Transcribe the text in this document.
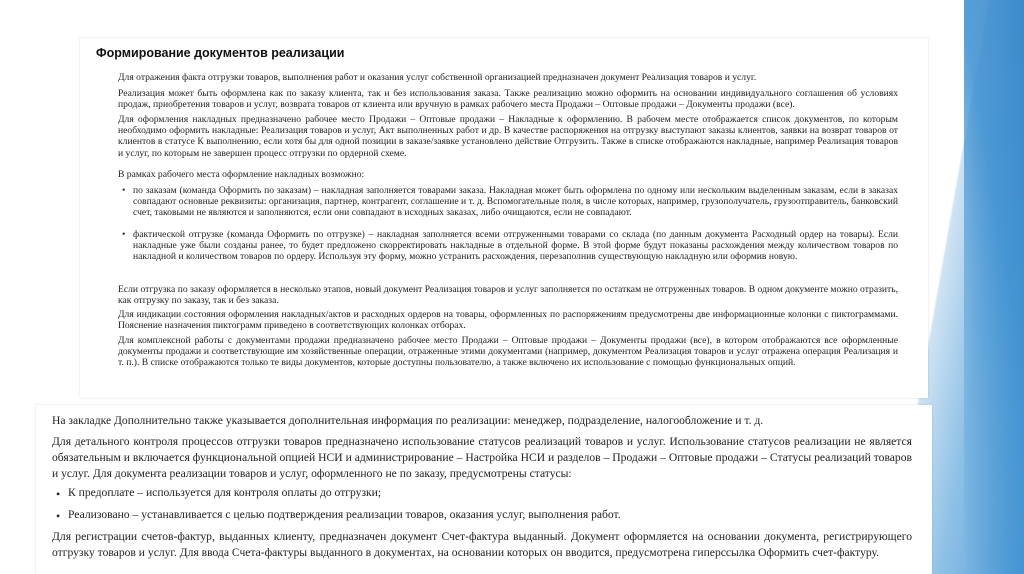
Формирование документов реализации
Для отражения факта отгрузки товаров, выполнения работ и оказания услуг собственной организацией предназначен документ Реализация товаров и услуг.
Реализация может быть оформлена как по заказу клиента, так и без использования заказа. Также реализацию можно оформить на основании индивидуального соглашения об условиях продаж, приобретения товаров и услуг, возврата товаров от клиента или вручную в рамках рабочего места Продажи – Оптовые продажи – Документы продажи (все).
Для оформления накладных предназначено рабочее место Продажи – Оптовые продажи – Накладные к оформлению. В рабочем месте отображается список документов, по которым необходимо оформить накладные: Реализация товаров и услуг, Акт выполненных работ и др. В качестве распоряжения на отгрузку выступают заказы клиентов, заявки на возврат товаров от клиентов в статусе К выполнению, если хотя бы для одной позиции в заказе/заявке установлено действие Отгрузить. Также в списке отображаются накладные, например Реализация товаров и услуг, по которым не завершен процесс отгрузки по ордерной схеме.
В рамках рабочего места оформление накладных возможно:
• по заказам (команда Оформить по заказам) – накладная заполняется товарами заказа. Накладная может быть оформлена по одному или нескольким выделенным заказам, если в заказах совпадают основные реквизиты: организация, партнер, контрагент, соглашение и т. д. Вспомогательные поля, в числе которых, например, грузополучатель, грузоотправитель, банковский счет, таковыми не являются и заполняются, если они совпадают в исходных заказах, либо очищаются, если не совпадают.
• фактической отгрузке (команда Оформить по отгрузке) – накладная заполняется всеми отгруженными товарами со склада (по данным документа Расходный ордер на товары). Если накладные уже были созданы ранее, то будет предложено скорректировать накладные в отдельной форме. В этой форме будут показаны расхождения между количеством товаров по накладной и количеством товаров по ордеру. Используя эту форму, можно устранить расхождения, перезаполнив существующую накладную или оформив новую.
Если отгрузка по заказу оформляется в несколько этапов, новый документ Реализация товаров и услуг заполняется по остаткам не отгруженных товаров. В одном документе можно отразить, как отгрузку по заказу, так и без заказа.
Для индикации состояния оформления накладных/актов и расходных ордеров на товары, оформленных по распоряжениям предусмотрены две информационные колонки с пиктограммами. Пояснение назначения пиктограмм приведено в соответствующих колонках отборах.
Для комплексной работы с документами продажи предназначено рабочее место Продажи – Оптовые продажи – Документы продажи (все), в котором отображаются все оформленные документы продажи и соответствующие им хозяйственные операции, отраженные этими документами (например, документом Реализация товаров и услуг отражена операция Реализация и т. п.). В списке отображаются только те виды документов, которые доступны пользователю, а также включено их использование с помощью функциональных опций.
На закладке Дополнительно также указывается дополнительная информация по реализации: менеджер, подразделение, налогообложение и т. д.
Для детального контроля процессов отгрузки товаров предназначено использование статусов реализаций товаров и услуг. Использование статусов реализации не является обязательным и включается функциональной опцией НСИ и администрирование – Настройка НСИ и разделов – Продажи – Оптовые продажи – Статусы реализаций товаров и услуг. Для документа реализации товаров и услуг, оформленного не по заказу, предусмотрены статусы:
• К предоплате – используется для контроля оплаты до отгрузки;
• Реализовано – устанавливается с целью подтверждения реализации товаров, оказания услуг, выполнения работ.
Для регистрации счетов-фактур, выданных клиенту, предназначен документ Счет-фактура выданный. Документ оформляется на основании документа, регистрирующего отгрузку товаров и услуг. Для ввода Счета-фактуры выданного в документах, на основании которых он вводится, предусмотрена гиперссылка Оформить счет-фактуру.
